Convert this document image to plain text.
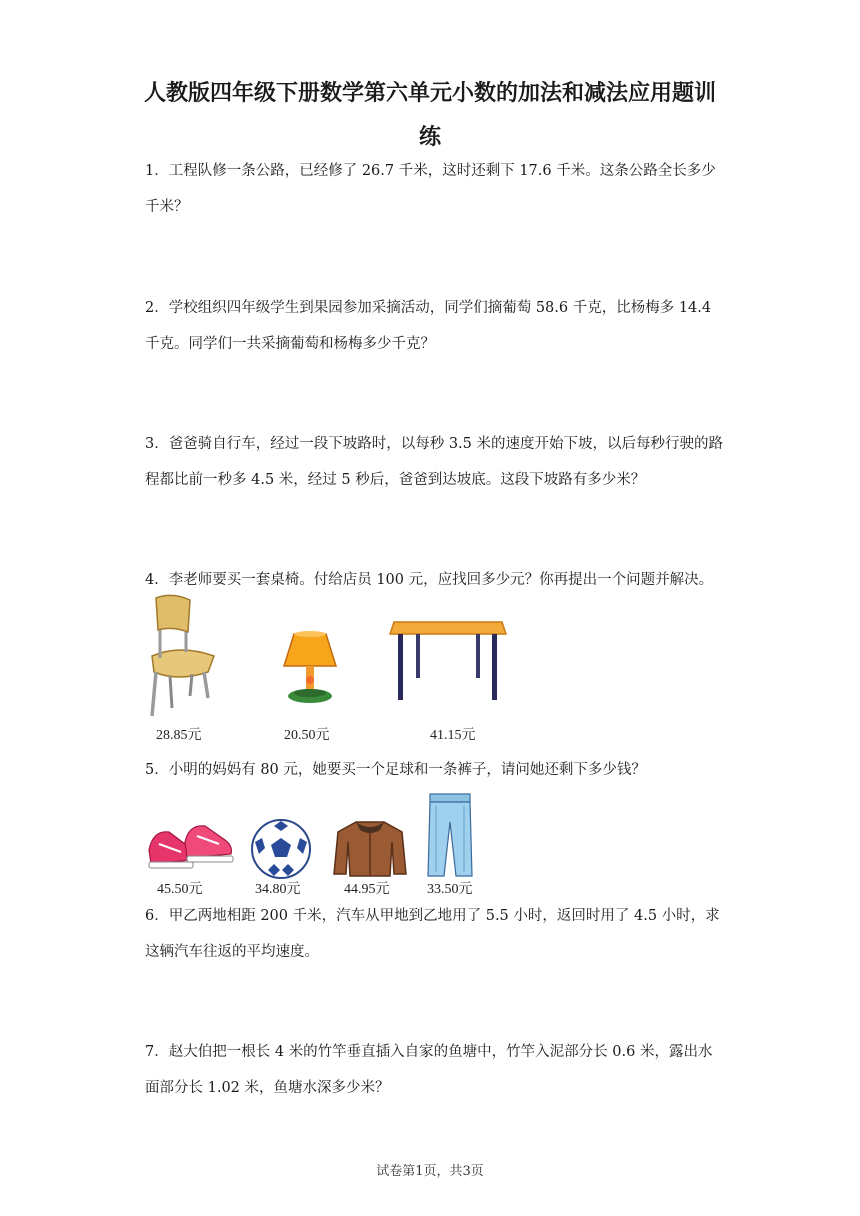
人教版四年级下册数学第六单元小数的加法和减法应用题训
练
1．工程队修一条公路，已经修了 26.7 千米，这时还剩下 17.6 千米。这条公路全长多少千米？
2．学校组织四年级学生到果园参加采摘活动，同学们摘葡萄 58.6 千克，比杨梅多 14.4 千克。同学们一共采摘葡萄和杨梅多少千克？
3．爸爸骑自行车，经过一段下坡路时，以每秒 3.5 米的速度开始下坡，以后每秒行驶的路程都比前一秒多 4.5 米，经过 5 秒后，爸爸到达坡底。这段下坡路有多少米？
4．李老师要买一套桌椅。付给店员 100 元，应找回多少元？你再提出一个问题并解决。
28.85元	20.50元	41.15元
5．小明的妈妈有 80 元，她要买一个足球和一条裤子，请问她还剩下多少钱？
45.50元	34.80元	44.95元	33.50元
6．甲乙两地相距 200 千米，汽车从甲地到乙地用了 5.5 小时，返回时用了 4.5 小时，求这辆汽车往返的平均速度。
7．赵大伯把一根长 4 米的竹竿垂直插入自家的鱼塘中，竹竿入泥部分长 0.6 米，露出水面部分长 1.02 米，鱼塘水深多少米？
试卷第1页，共3页
